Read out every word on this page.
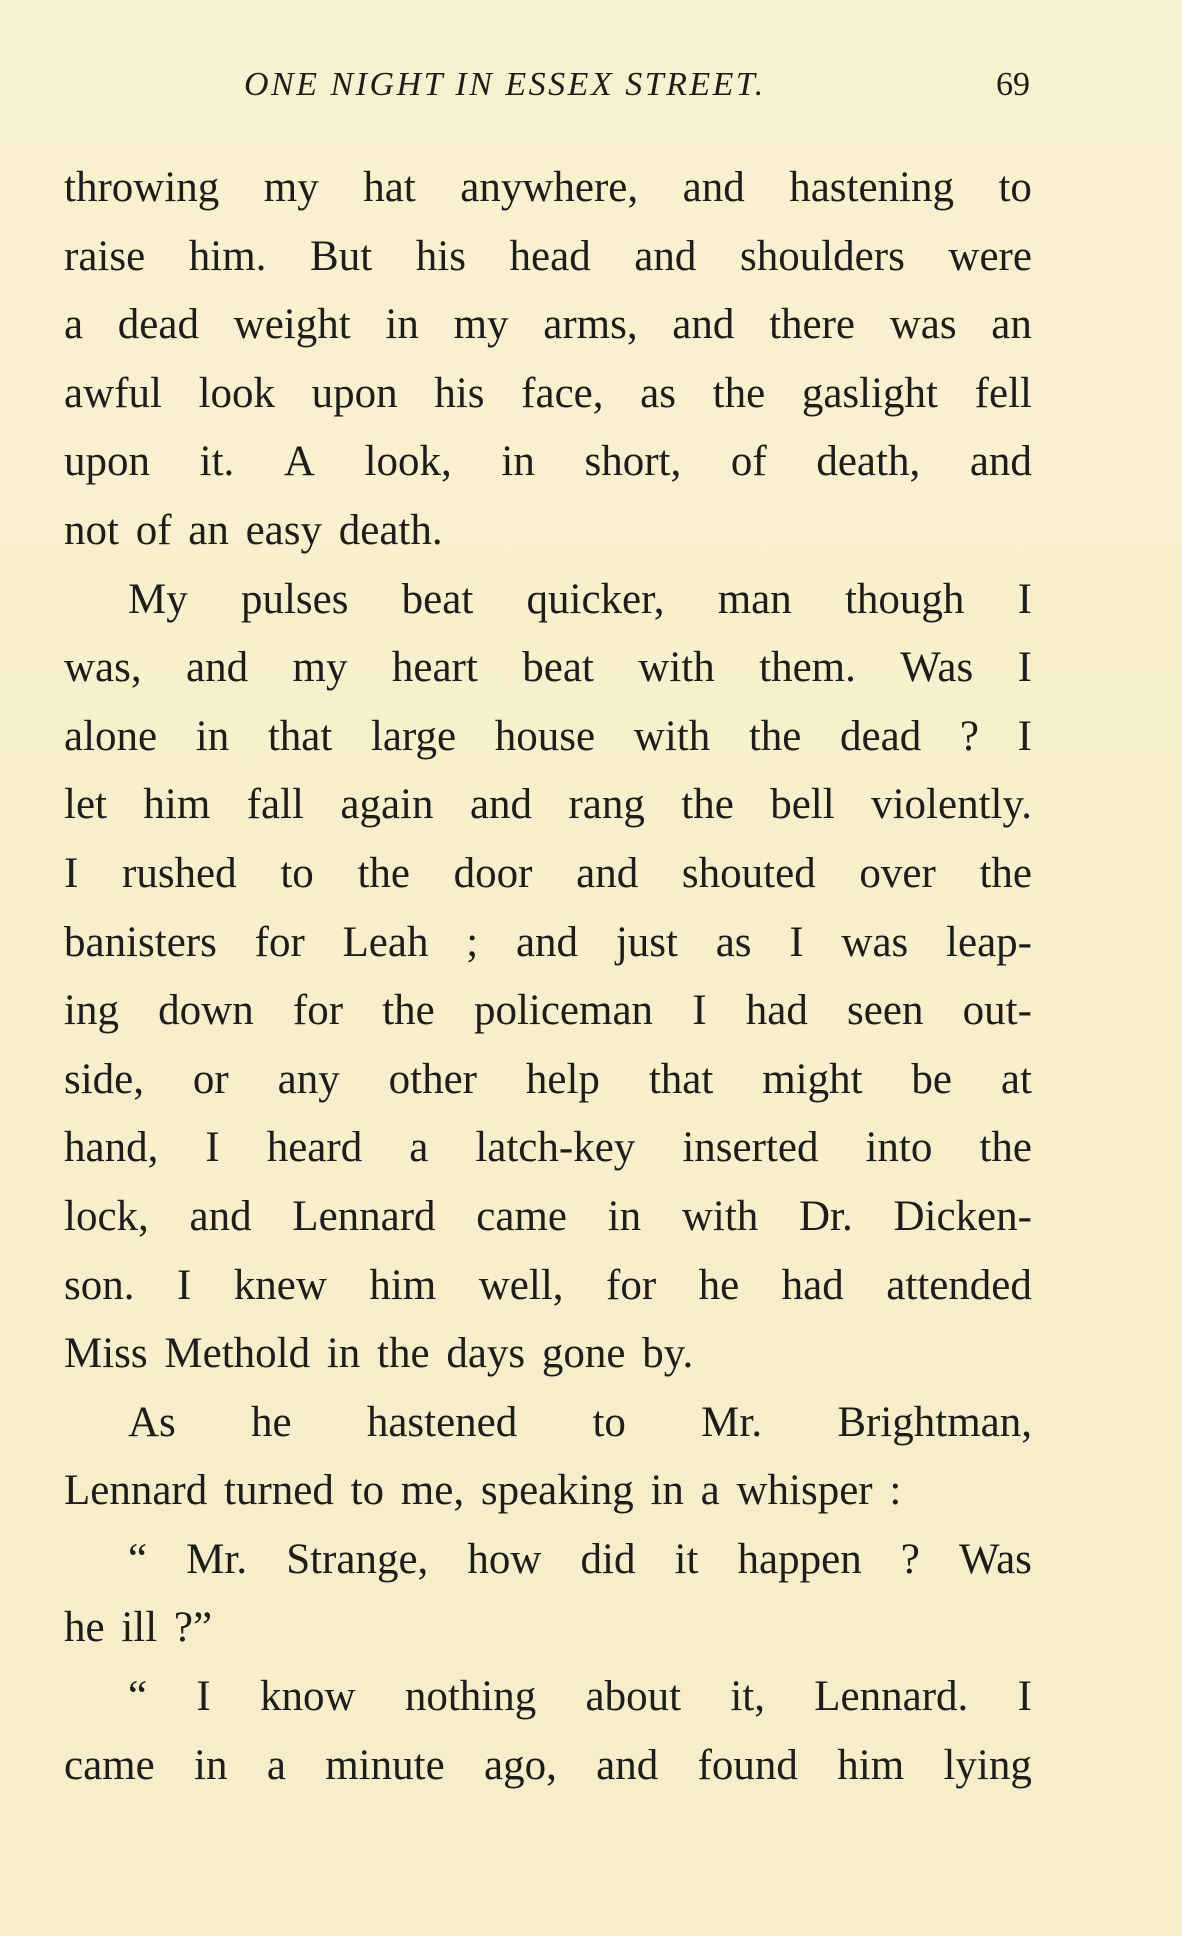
ONE NIGHT IN ESSEX STREET.	69
throwing my hat anywhere, and hastening to
raise him. But his head and shoulders were
a dead weight in my arms, and there was an
awful look upon his face, as the gaslight fell
upon it. A look, in short, of death, and
not of an easy death.
My pulses beat quicker, man though I
was, and my heart beat with them. Was I
alone in that large house with the dead ? I
let him fall again and rang the bell violently.
I rushed to the door and shouted over the
banisters for Leah ; and just as I was leap-
ing down for the policeman I had seen out-
side, or any other help that might be at
hand, I heard a latch-key inserted into the
lock, and Lennard came in with Dr. Dicken-
son. I knew him well, for he had attended
Miss Methold in the days gone by.
As he hastened to Mr. Brightman,
Lennard turned to me, speaking in a whisper :
“ Mr. Strange, how did it happen ? Was
he ill ?”
“ I know nothing about it, Lennard. I
came in a minute ago, and found him lying
